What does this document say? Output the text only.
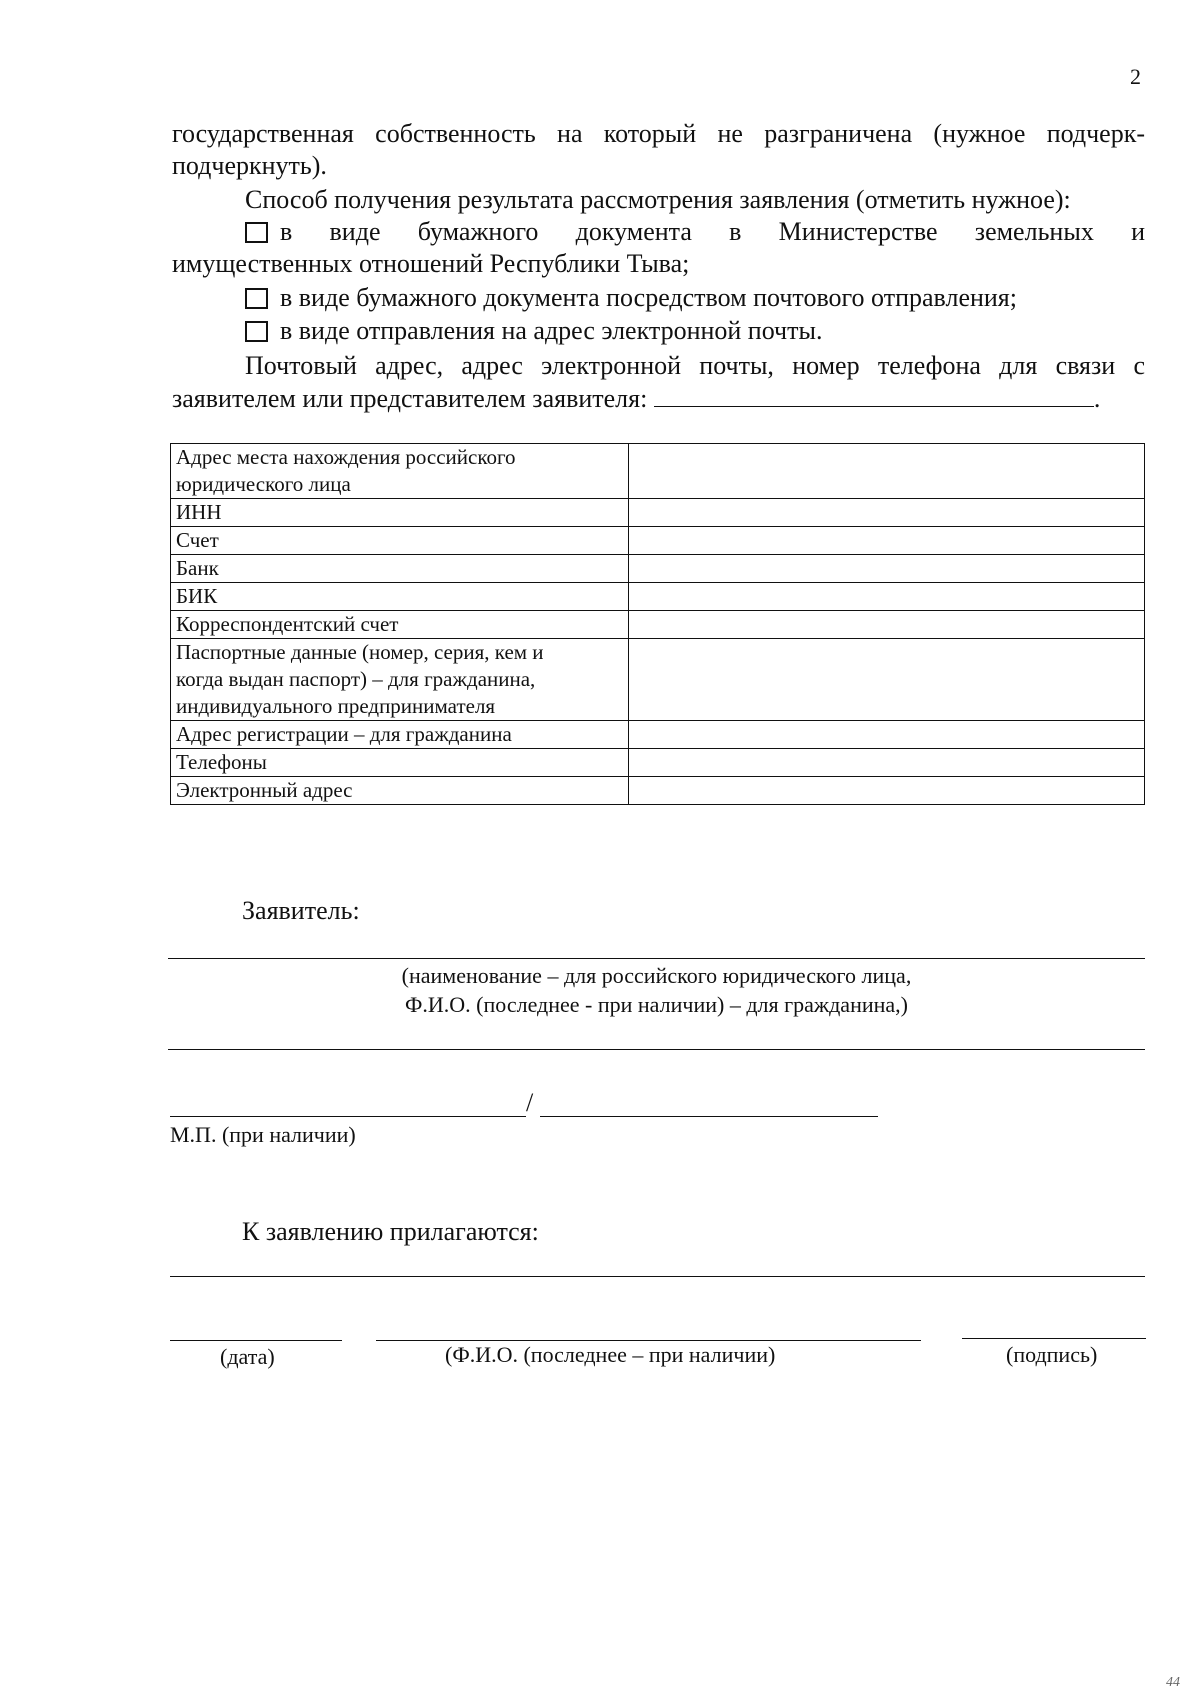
2
государственная собственность на который не разграничена (нужное подчерк-
подчеркнуть).
Способ получения результата рассмотрения заявления (отметить нужное):
в виде бумажного документа в Министерстве земельных и
имущественных отношений Республики Тыва;
в виде бумажного документа посредством почтового отправления;
в виде отправления на адрес электронной почты.
Почтовый адрес, адрес электронной почты, номер телефона для связи с
заявителем или представителем заявителя:	.
Адрес места нахождения российского
юридического лица	

ИНН	

Счет	

Банк	

БИК	

Корреспондентский счет	

Паспортные данные (номер, серия, кем и
когда выдан паспорт) – для гражданина,
индивидуального предпринимателя	

Адрес регистрации – для гражданина	

Телефоны	

Электронный адрес	

Заявитель:
(наименование – для российского юридического лица,
Ф.И.О. (последнее - при наличии) – для гражданина,)
/
М.П. (при наличии)
К заявлению прилагаются:
(дата)	(Ф.И.О. (последнее – при наличии)	(подпись)
44
